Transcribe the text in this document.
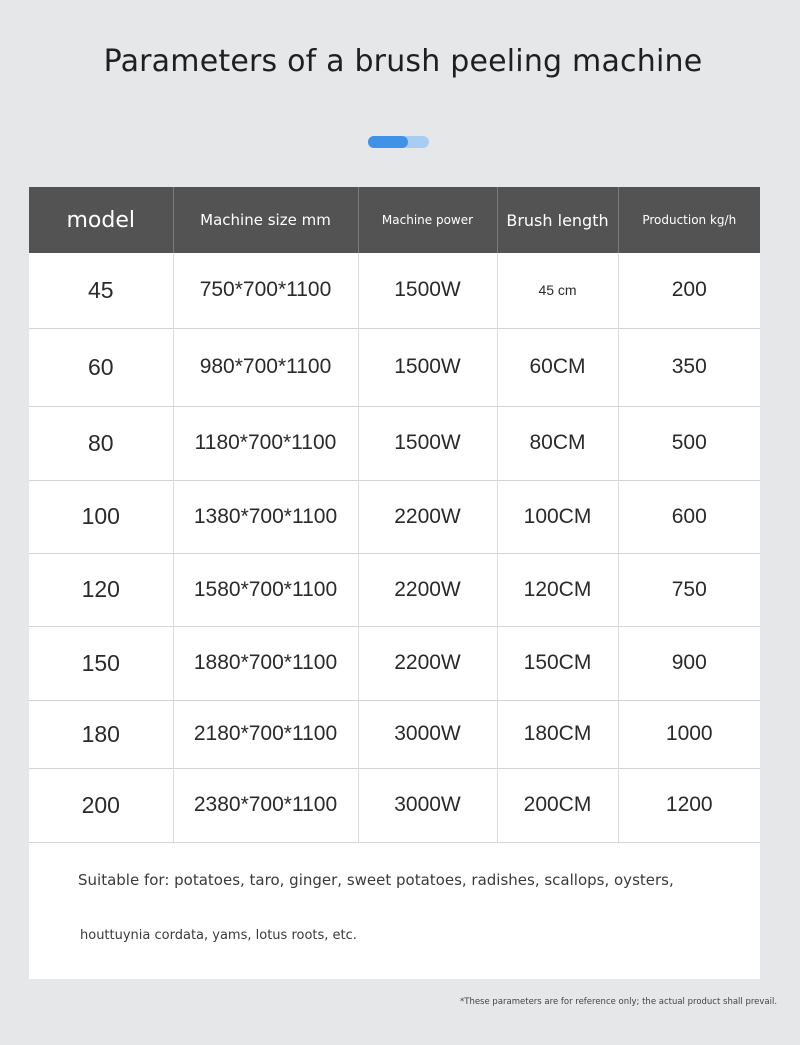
Parameters of a brush peeling machine
model	Machine size mm	Machine power	Brush length	Production kg/h
45	750*700*1100	1500W	45 cm	200
60	980*700*1100	1500W	60CM	350
80	1180*700*1100	1500W	80CM	500
100	1380*700*1100	2200W	100CM	600
120	1580*700*1100	2200W	120CM	750
150	1880*700*1100	2200W	150CM	900
180	2180*700*1100	3000W	180CM	1000
200	2380*700*1100	3000W	200CM	1200
Suitable for: potatoes, taro, ginger, sweet potatoes, radishes, scallops, oysters,
houttuynia cordata, yams, lotus roots, etc.
*These parameters are for reference only; the actual product shall prevail.
